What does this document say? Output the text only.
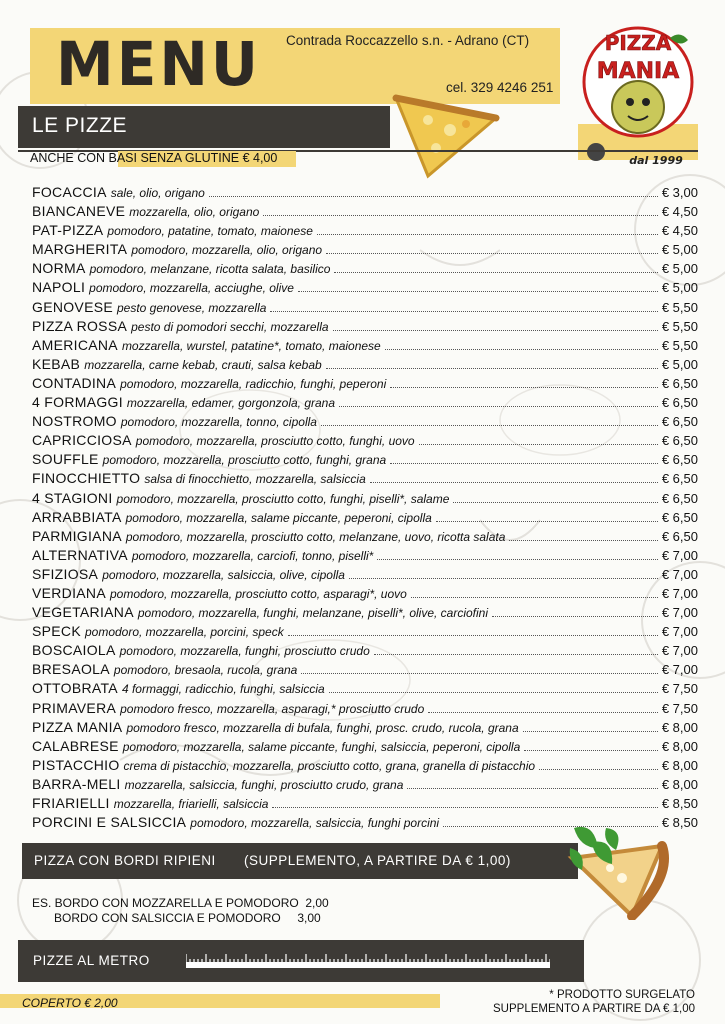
MENU Contrada Roccazzello s.n. - Adrano (CT)
cel. 329 4246 251
PIZZA
MANIA
dal 1999
LE PIZZE
ANCHE CON BASI SENZA GLUTINE € 4,00
FOCACCIA sale, olio, origano	€ 3,00
BIANCANEVE mozzarella, olio, origano	€ 4,50
PAT-PIZZA pomodoro, patatine, tomato, maionese	€ 4,50
MARGHERITA pomodoro, mozzarella, olio, origano	€ 5,00
NORMA pomodoro, melanzane, ricotta salata, basilico	€ 5,00
NAPOLI pomodoro, mozzarella, acciughe, olive	€ 5,00
GENOVESE pesto genovese, mozzarella	€ 5,50
PIZZA ROSSA pesto di pomodori secchi, mozzarella	€ 5,50
AMERICANA mozzarella, wurstel, patatine*, tomato, maionese	€ 5,50
KEBAB mozzarella, carne kebab, crauti, salsa kebab	€ 5,00
CONTADINA pomodoro, mozzarella, radicchio, funghi, peperoni	€ 6,50
4 FORMAGGI mozzarella, edamer, gorgonzola, grana	€ 6,50
NOSTROMO pomodoro, mozzarella, tonno, cipolla	€ 6,50
CAPRICCIOSA pomodoro, mozzarella, prosciutto cotto, funghi, uovo	€ 6,50
SOUFFLE pomodoro, mozzarella, prosciutto cotto, funghi, grana	€ 6,50
FINOCCHIETTO salsa di finocchietto, mozzarella, salsiccia	€ 6,50
4 STAGIONI pomodoro, mozzarella, prosciutto cotto, funghi, piselli*, salame	€ 6,50
ARRABBIATA pomodoro, mozzarella, salame piccante, peperoni, cipolla	€ 6,50
PARMIGIANA pomodoro, mozzarella, prosciutto cotto, melanzane, uovo, ricotta salata	€ 6,50
ALTERNATIVA pomodoro, mozzarella, carciofi, tonno, piselli*	€ 7,00
SFIZIOSA pomodoro, mozzarella, salsiccia, olive, cipolla	€ 7,00
VERDIANA pomodoro, mozzarella, prosciutto cotto, asparagi*, uovo	€ 7,00
VEGETARIANA pomodoro, mozzarella, funghi, melanzane, piselli*, olive, carciofini	€ 7,00
SPECK pomodoro, mozzarella, porcini, speck	€ 7,00
BOSCAIOLA pomodoro, mozzarella, funghi, prosciutto crudo	€ 7,00
BRESAOLA pomodoro, bresaola, rucola, grana	€ 7,00
OTTOBRATA 4 formaggi, radicchio, funghi, salsiccia	€ 7,50
PRIMAVERA pomodoro fresco, mozzarella, asparagi,* prosciutto crudo	€ 7,50
PIZZA MANIA pomodoro fresco, mozzarella di bufala, funghi, prosc. crudo, rucola, grana	€ 8,00
CALABRESE pomodoro, mozzarella, salame piccante, funghi, salsiccia, peperoni, cipolla	€ 8,00
PISTACCHIO crema di pistacchio, mozzarella, prosciutto cotto, grana, granella di pistacchio	€ 8,00
BARRA-MELI mozzarella, salsiccia, funghi, prosciutto crudo, grana	€ 8,00
FRIARIELLI mozzarella, friarielli, salsiccia	€ 8,50
PORCINI E SALSICCIA pomodoro, mozzarella, salsiccia, funghi porcini	€ 8,50
PIZZA CON BORDI RIPIENI (SUPPLEMENTO, A PARTIRE DA € 1,00)
ES. BORDO CON MOZZARELLA E POMODORO  2,00
BORDO CON SALSICCIA E POMODORO     3,00
PIZZE AL METRO
COPERTO € 2,00
* PRODOTTO SURGELATO
SUPPLEMENTO A PARTIRE DA € 1,00
